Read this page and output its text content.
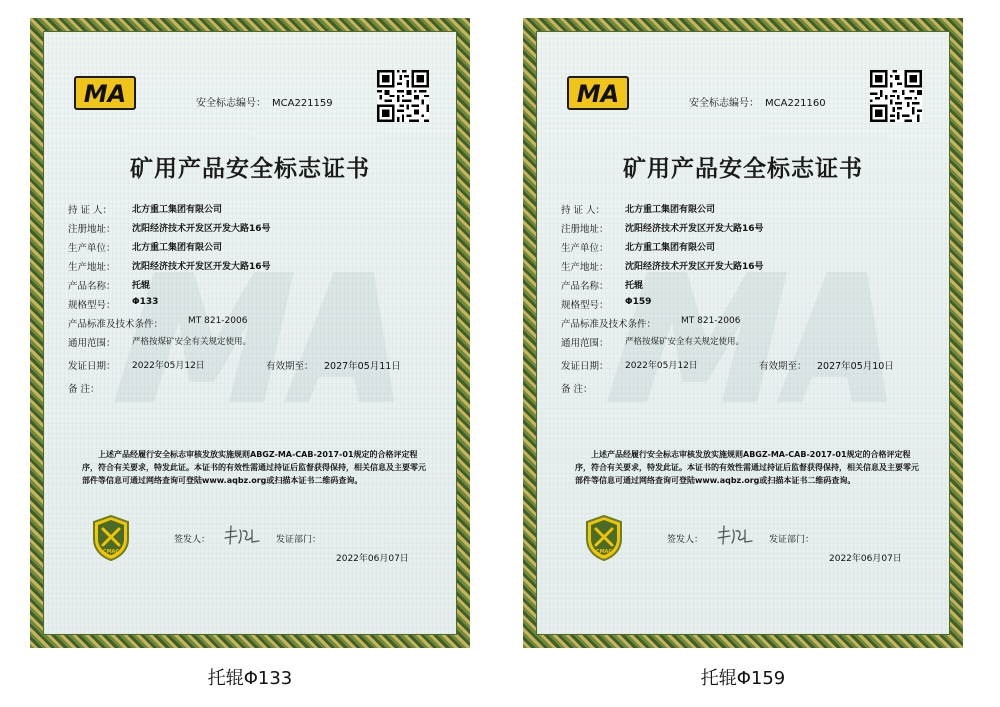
MA	安全标志编号： MCA221159
矿用产品安全标志证书
持 证 人： 北方重工集团有限公司
注册地址： 沈阳经济技术开发区开发大路16号
生产单位： 北方重工集团有限公司
生产地址： 沈阳经济技术开发区开发大路16号
产品名称： 托辊
规格型号： Φ133
产品标准及技术条件：	MT 821-2006
通用范围： 严格按煤矿安全有关规定使用。
发证日期： 2022年05月12日	有效期至： 2027年05月11日
备 注：
上述产品经履行安全标志审核发放实施规则ABGZ-MA-CAB-2017-01规定的合格评定程序，符合有关要求，特发此证。本证书的有效性需通过持证后监督获得保持，相关信息及主要零元部件等信息可通过网络查询可登陆www.aqbz.org或扫描本证书二维码查询。
CMAC
签发人：	发证部门：
2022年06月07日
MA	安全标志编号： MCA221160
矿用产品安全标志证书
持 证 人： 北方重工集团有限公司
注册地址： 沈阳经济技术开发区开发大路16号
生产单位： 北方重工集团有限公司
生产地址： 沈阳经济技术开发区开发大路16号
产品名称： 托辊
规格型号： Φ159
产品标准及技术条件：	MT 821-2006
通用范围： 严格按煤矿安全有关规定使用。
发证日期： 2022年05月12日	有效期至： 2027年05月10日
备 注：
上述产品经履行安全标志审核发放实施规则ABGZ-MA-CAB-2017-01规定的合格评定程序，符合有关要求，特发此证。本证书的有效性需通过持证后监督获得保持，相关信息及主要零元部件等信息可通过网络查询可登陆www.aqbz.org或扫描本证书二维码查询。
CMAC
签发人：	发证部门：
2022年06月07日
托辊Φ133	托辊Φ159
